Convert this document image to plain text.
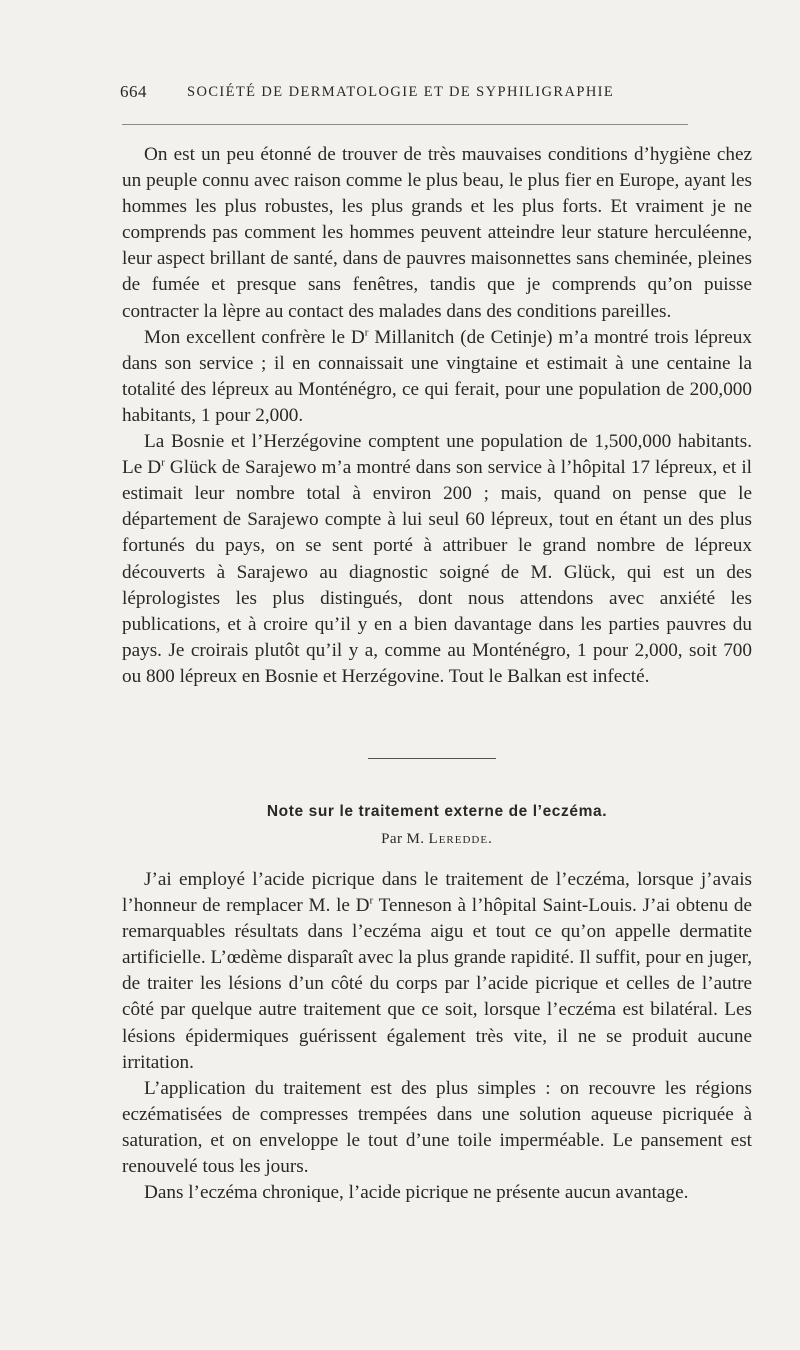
664	SOCIÉTÉ DE DERMATOLOGIE ET DE SYPHILIGRAPHIE

On est un peu étonné de trouver de très mauvaises conditions d’hygiène chez un peuple connu avec raison comme le plus beau, le plus fier en Europe, ayant les hommes les plus robustes, les plus grands et les plus forts. Et vraiment je ne comprends pas comment les hommes peuvent atteindre leur stature herculéenne, leur aspect brillant de santé, dans de pauvres maisonnettes sans cheminée, pleines de fumée et presque sans fenêtres, tandis que je comprends qu’on puisse contracter la lèpre au contact des malades dans des conditions pareilles.

Mon excellent confrère le $D^r$ Millanitch (de Cetinje) m’a montré trois lépreux dans son service ; il en connaissait une vingtaine et estimait à une centaine la totalité des lépreux au Monténégro, ce qui ferait, pour une population de 200,000 habitants, 1 pour 2,000.

La Bosnie et l’Herzégovine comptent une population de 1,500,000 habitants. Le $D^r$ Glück de Sarajewo m’a montré dans son service à l’hôpital 17 lépreux, et il estimait leur nombre total à environ 200 ; mais, quand on pense que le département de Sarajewo compte à lui seul 60 lépreux, tout en étant un des plus fortunés du pays, on se sent porté à attribuer le grand nombre de lépreux découverts à Sarajewo au diagnostic soigné de M. Glück, qui est un des léprologistes les plus distingués, dont nous attendons avec anxiété les publications, et à croire qu’il y en a bien davantage dans les parties pauvres du pays. Je croirais plutôt qu’il y a, comme au Monténégro, 1 pour 2,000, soit 700 ou 800 lépreux en Bosnie et Herzégovine. Tout le Balkan est infecté.

Note sur le traitement externe de l’eczéma.
Par M. Leredde.

J’ai employé l’acide picrique dans le traitement de l’eczéma, lorsque j’avais l’honneur de remplacer M. le $D^r$ Tenneson à l’hôpital Saint-Louis. J’ai obtenu de remarquables résultats dans l’eczéma aigu et tout ce qu’on appelle dermatite artificielle. L’œdème disparaît avec la plus grande rapidité. Il suffit, pour en juger, de traiter les lésions d’un côté du corps par l’acide picrique et celles de l’autre côté par quelque autre traitement que ce soit, lorsque l’eczéma est bilatéral. Les lésions épidermiques guérissent également très vite, il ne se produit aucune irritation.

L’application du traitement est des plus simples : on recouvre les régions eczématisées de compresses trempées dans une solution aqueuse picriquée à saturation, et on enveloppe le tout d’une toile imperméable. Le pansement est renouvelé tous les jours.

Dans l’eczéma chronique, l’acide picrique ne présente aucun avantage.
